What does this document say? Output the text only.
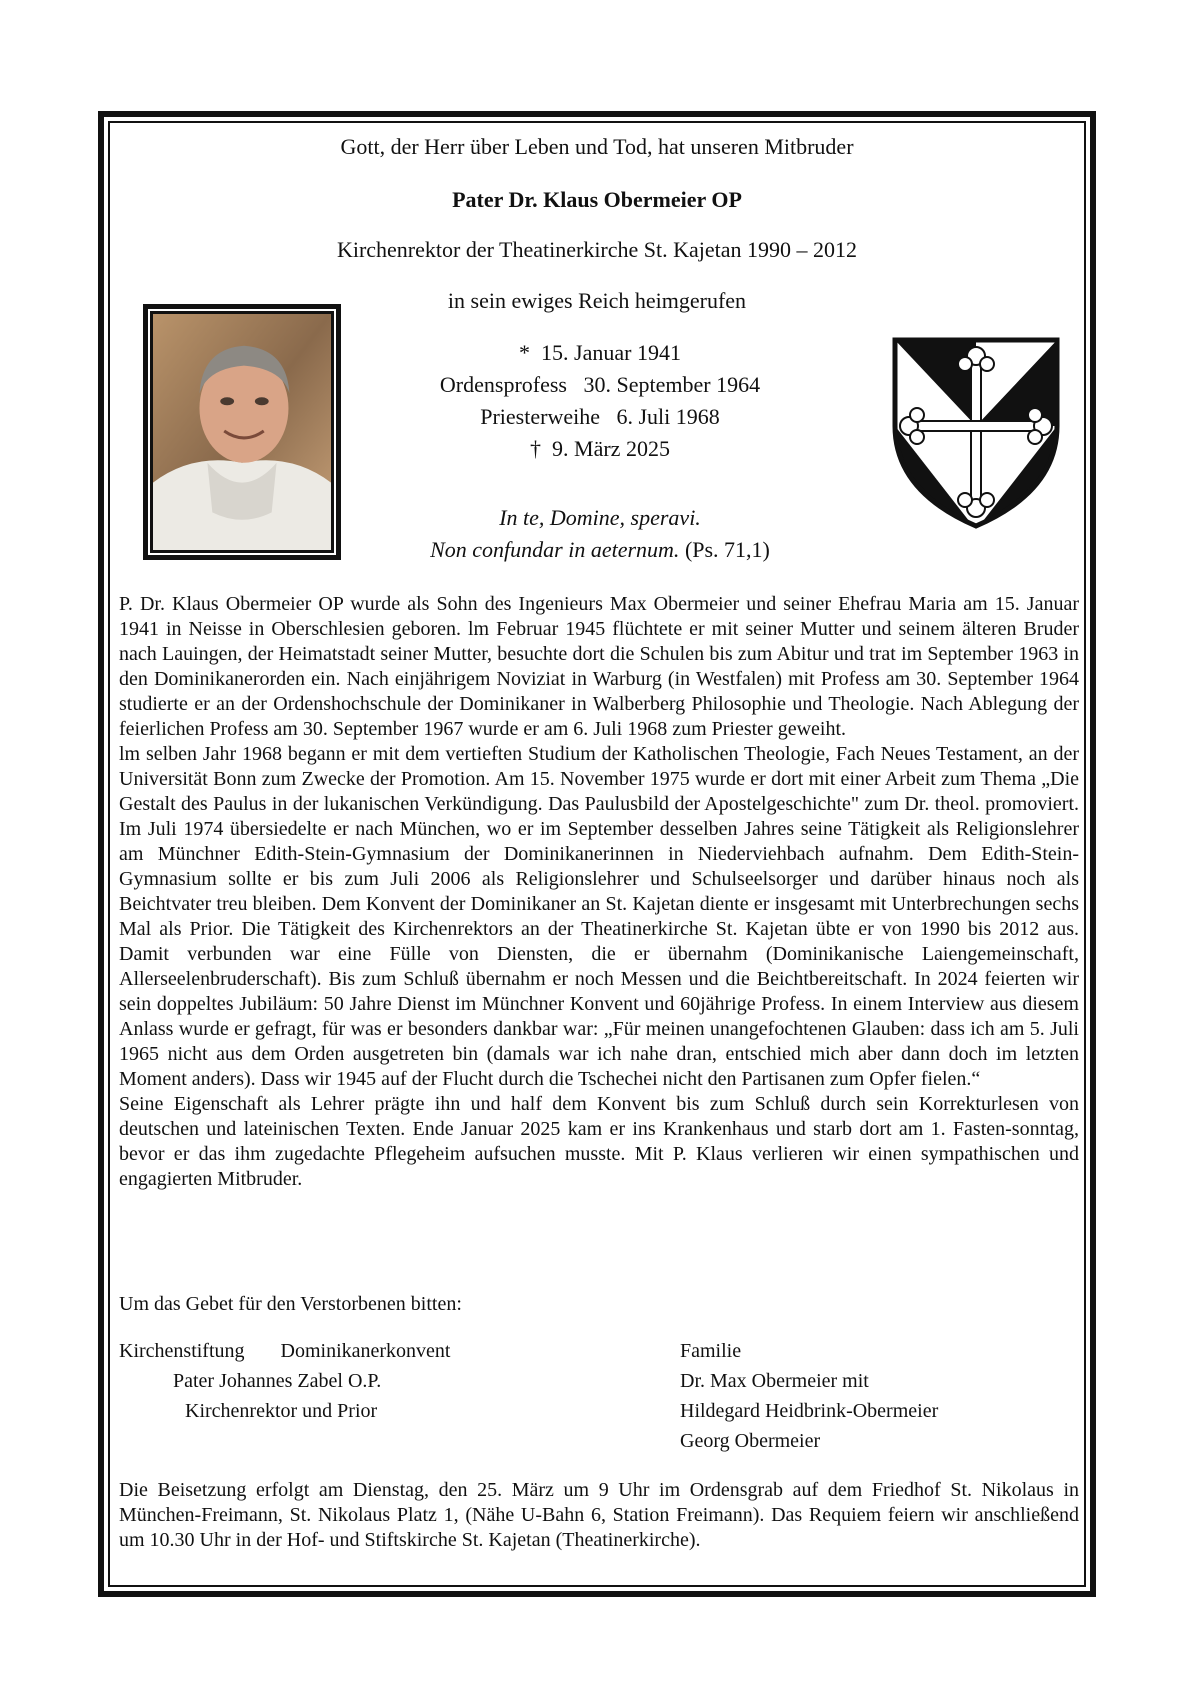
Gott, der Herr über Leben und Tod, hat unseren Mitbruder
Pater Dr. Klaus Obermeier OP
Kirchenrektor der Theatinerkirche St. Kajetan 1990 – 2012
in sein ewiges Reich heimgerufen
*  15. Januar 1941
Ordensprofess   30. September 1964
Priesterweihe   6. Juli 1968
†  9. März 2025
In te, Domine, speravi.
Non confundar in aeternum. (Ps. 71,1)

P. Dr. Klaus Obermeier OP wurde als Sohn des Ingenieurs Max Obermeier und seiner Ehefrau Maria am 15. Januar 1941 in Neisse in Oberschlesien geboren. lm Februar 1945 flüchtete er mit seiner Mutter und seinem älteren Bruder nach Lauingen, der Heimatstadt seiner Mutter, besuchte dort die Schulen bis zum Abitur und trat im September 1963 in den Dominikanerorden ein. Nach einjährigem Noviziat in Warburg (in Westfalen) mit Profess am 30. September 1964 studierte er an der Ordenshochschule der Dominikaner in Walberberg Philosophie und Theologie. Nach Ablegung der feierlichen Profess am 30. September 1967 wurde er am 6. Juli 1968 zum Priester geweiht.

lm selben Jahr 1968 begann er mit dem vertieften Studium der Katholischen Theologie, Fach Neues Testament, an der Universität Bonn zum Zwecke der Promotion. Am 15. November 1975 wurde er dort mit einer Arbeit zum Thema „Die Gestalt des Paulus in der lukanischen Verkündigung. Das Paulusbild der Apostelgeschichte" zum Dr. theol. promoviert. Im Juli 1974 übersiedelte er nach München, wo er im September desselben Jahres seine Tätigkeit als Religionslehrer am Münchner Edith-Stein-Gymnasium der Dominikanerinnen in Niederviehbach aufnahm. Dem Edith-Stein-Gymnasium sollte er bis zum Juli 2006 als Religionslehrer und Schulseelsorger und darüber hinaus noch als Beichtvater treu bleiben. Dem Konvent der Dominikaner an St. Kajetan diente er insgesamt mit Unterbrechungen sechs Mal als Prior. Die Tätigkeit des Kirchenrektors an der Theatinerkirche St. Kajetan übte er von 1990 bis 2012 aus. Damit verbunden war eine Fülle von Diensten, die er übernahm (Dominikanische Laiengemeinschaft, Allerseelenbruderschaft). Bis zum Schluß übernahm er noch Messen und die Beichtbereitschaft. In 2024 feierten wir sein doppeltes Jubiläum: 50 Jahre Dienst im Münchner Konvent und 60jährige Profess. In einem Interview aus diesem Anlass wurde er gefragt, für was er besonders dankbar war: „Für meinen unangefochtenen Glauben: dass ich am 5. Juli 1965 nicht aus dem Orden ausgetreten bin (damals war ich nahe dran, entschied mich aber dann doch im letzten Moment anders). Dass wir 1945 auf der Flucht durch die Tschechei nicht den Partisanen zum Opfer fielen.“

Seine Eigenschaft als Lehrer prägte ihn und half dem Konvent bis zum Schluß durch sein Korrekturlesen von deutschen und lateinischen Texten. Ende Januar 2025 kam er ins Krankenhaus und starb dort am 1. Fasten-sonntag, bevor er das ihm zugedachte Pflegeheim aufsuchen musste. Mit P. Klaus verlieren wir einen sympathischen und engagierten Mitbruder.

Um das Gebet für den Verstorbenen bitten:
Kirchenstiftung Dominikanerkonvent
Pater Johannes Zabel O.P.
Kirchenrektor und Prior
Familie
Dr. Max Obermeier mit
Hildegard Heidbrink-Obermeier
Georg Obermeier
Die Beisetzung erfolgt am Dienstag, den 25. März um 9 Uhr im Ordensgrab auf dem Friedhof St. Nikolaus in München-Freimann, St. Nikolaus Platz 1, (Nähe U-Bahn 6, Station Freimann). Das Requiem feiern wir anschließend um 10.30 Uhr in der Hof- und Stiftskirche St. Kajetan (Theatinerkirche).
